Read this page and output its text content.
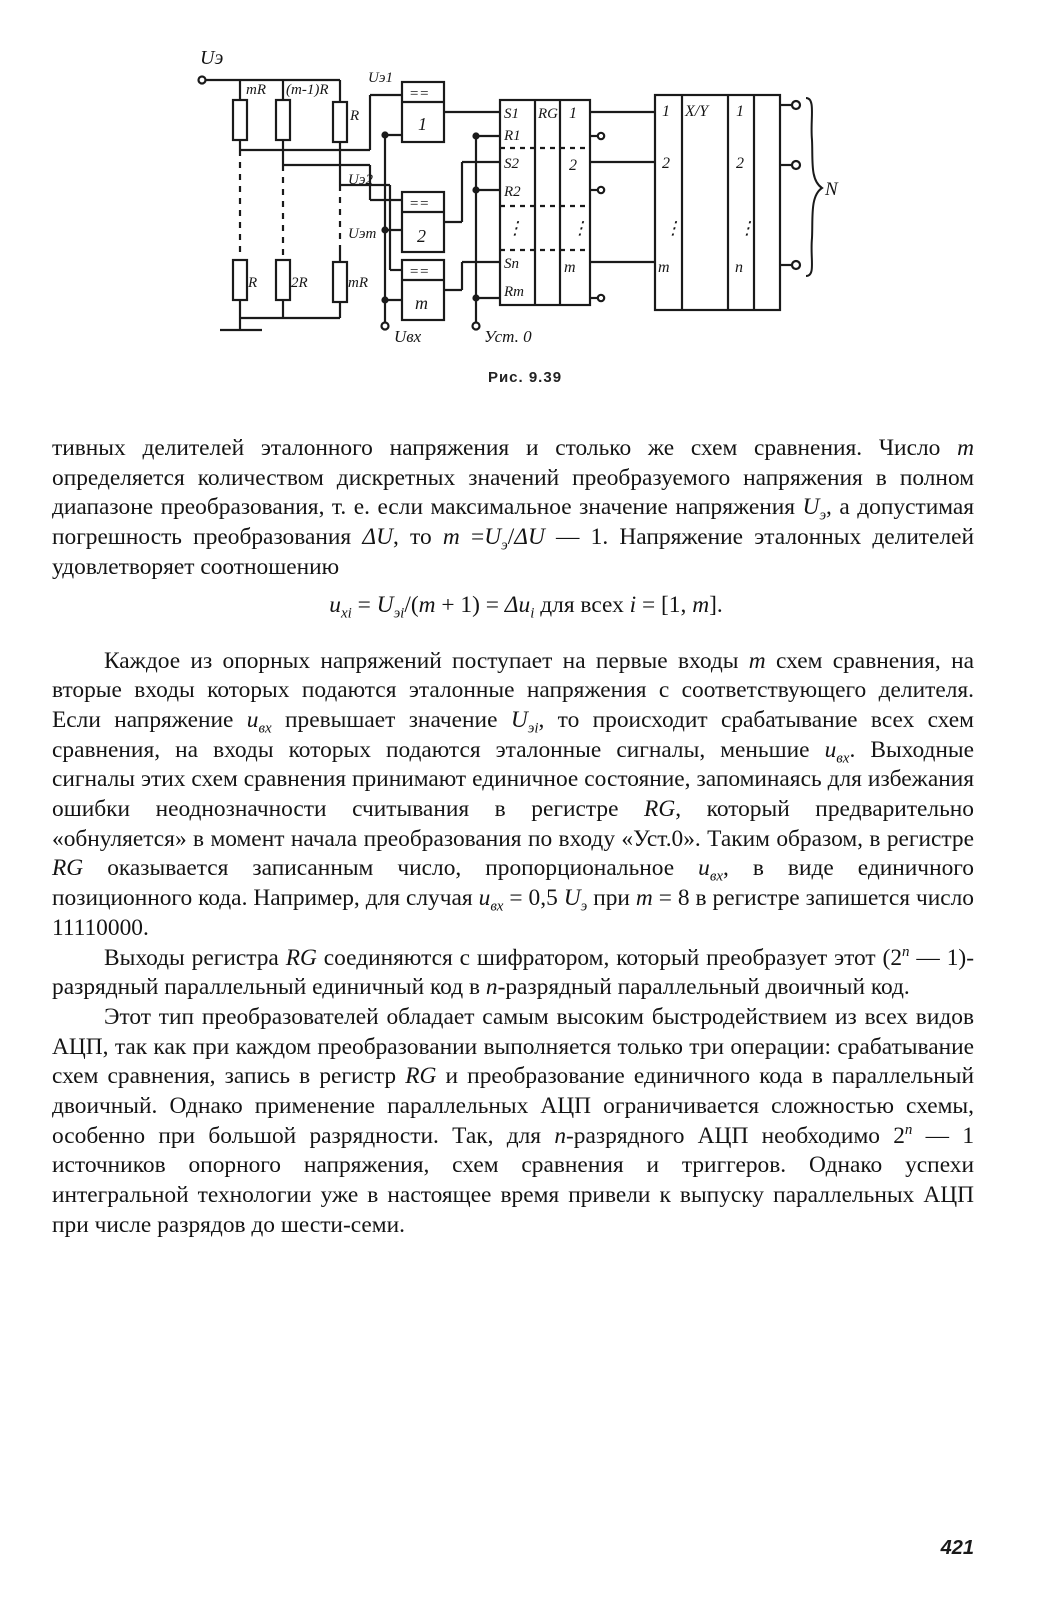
Uэ
mR (m-1)R
R
Uэ1
Uэ2
Uэm
R 2R	mR
Uвх
==
1
==
2
==
m
Уст. 0
S1
R1
S2
R2
⋮
Sn
Rm
RG 1
2
⋮
m
1
2
⋮
m
X/Y 1
2
⋮
n
N
Рис. 9.39

тивных делителей эталонного напряжения и столько же схем сравнения. Число m определяется количеством дискретных значений преобразуемого напряжения в полном диапазоне преобразования, т. е. если максимальное значение напряжения $U_э$, а допустимая погрешность преобразования ΔU, то $m =U_э/\Delta U$ — 1. Напряжение эталонных делителей удовлетворяет соотношению

$u_{xi} = U_{эi}/(m + 1) = \Delta u_i$ для всех i = [1, m].

Каждое из опорных напряжений поступает на первые входы m схем сравнения, на вторые входы которых подаются эталонные напряжения с соответствующего делителя. Если напряжение $u_{вх}$ превышает значение $U_{эi}$, то происходит срабатывание всех схем сравнения, на входы которых подаются эталонные сигналы, меньшие $u_{вх}$. Выходные сигналы этих схем сравнения принимают единичное состояние, запоминаясь для избежания ошибки неоднозначности считывания в регистре RG, который предварительно «обнуляется» в момент начала преобразования по входу «Уст.0». Таким образом, в регистре RG оказывается записанным число, пропорциональное $u_{вх}$, в виде единичного позиционного кода. Например, для случая $u_{вх} = 0,5$ $U_э$ при m = 8 в регистре запишется число 11110000.

Выходы регистра RG соединяются с шифратором, который преобразует этот (2$^n$ — 1)-разрядный параллельный единичный код в n-разрядный параллельный двоичный код.

Этот тип преобразователей обладает самым высоким быстродействием из всех видов АЦП, так как при каждом преобразовании выполняется только три операции: срабатывание схем сравнения, запись в регистр RG и преобразование единичного кода в параллельный двоичный. Однако применение параллельных АЦП ограничивается сложностью схемы, особенно при большой разрядности. Так, для n-разрядного АЦП необходимо 2$^n$ — 1 источников опорного напряжения, схем сравнения и триггеров. Однако успехи интегральной технологии уже в настоящее время привели к выпуску параллельных АЦП при числе разрядов до шести-семи.

421
